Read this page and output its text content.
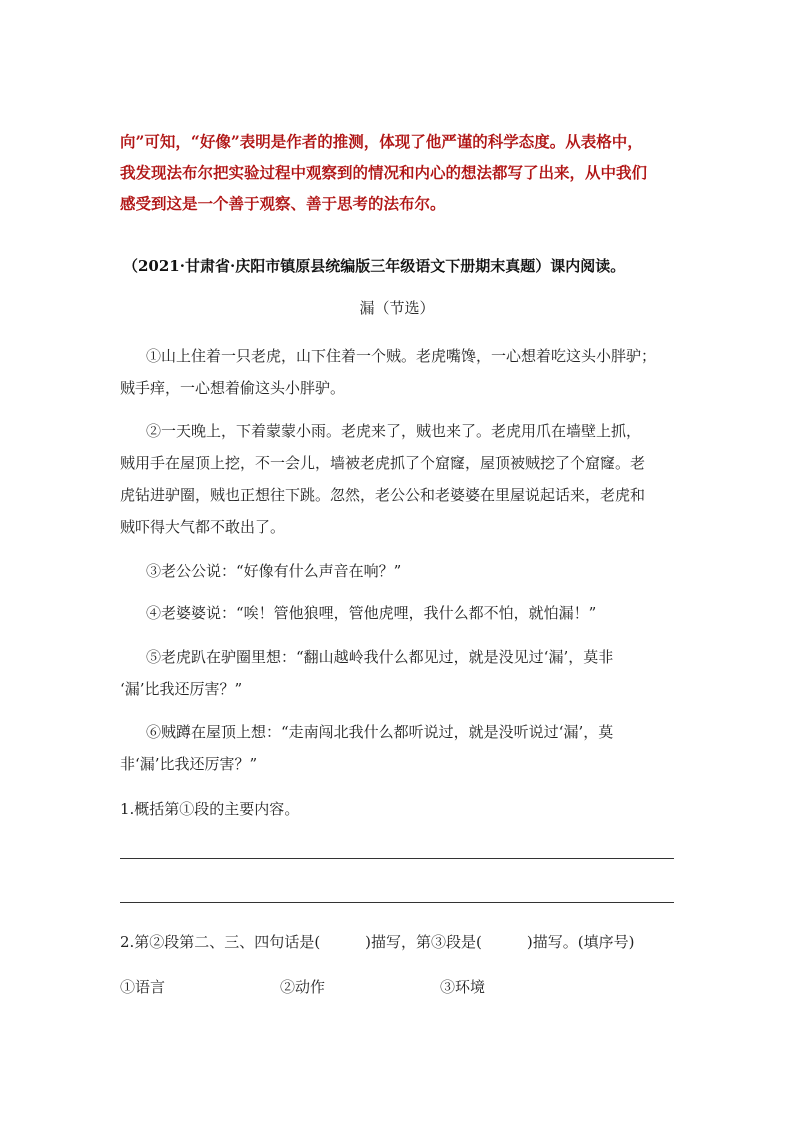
向”可知，“好像”表明是作者的推测，体现了他严谨的科学态度。从表格中，
我发现法布尔把实验过程中观察到的情况和内心的想法都写了出来，从中我们
感受到这是一个善于观察、善于思考的法布尔。

（2021·甘肃省·庆阳市镇原县统编版三年级语文下册期末真题）课内阅读。

漏（节选）

①山上住着一只老虎，山下住着一个贼。老虎嘴馋，一心想着吃这头小胖驴；
贼手痒，一心想着偷这头小胖驴。
②一天晚上，下着蒙蒙小雨。老虎来了，贼也来了。老虎用爪在墙壁上抓，
贼用手在屋顶上挖，不一会儿，墙被老虎抓了个窟窿，屋顶被贼挖了个窟窿。老
虎钻进驴圈，贼也正想往下跳。忽然，老公公和老婆婆在里屋说起话来，老虎和
贼吓得大气都不敢出了。
③老公公说：“好像有什么声音在响？”
④老婆婆说：“唉！管他狼哩，管他虎哩，我什么都不怕，就怕漏！”
⑤老虎趴在驴圈里想：“翻山越岭我什么都见过，就是没见过‘漏’，莫非
‘漏’比我还厉害？”
⑥贼蹲在屋顶上想：“走南闯北我什么都听说过，就是没听说过‘漏’，莫
非‘漏’比我还厉害？”

1.概括第①段的主要内容。

2.第②段第二、三、四句话是(　　　)描写，第③段是(　　　)描写。(填序号)

①语言	②动作	③环境
